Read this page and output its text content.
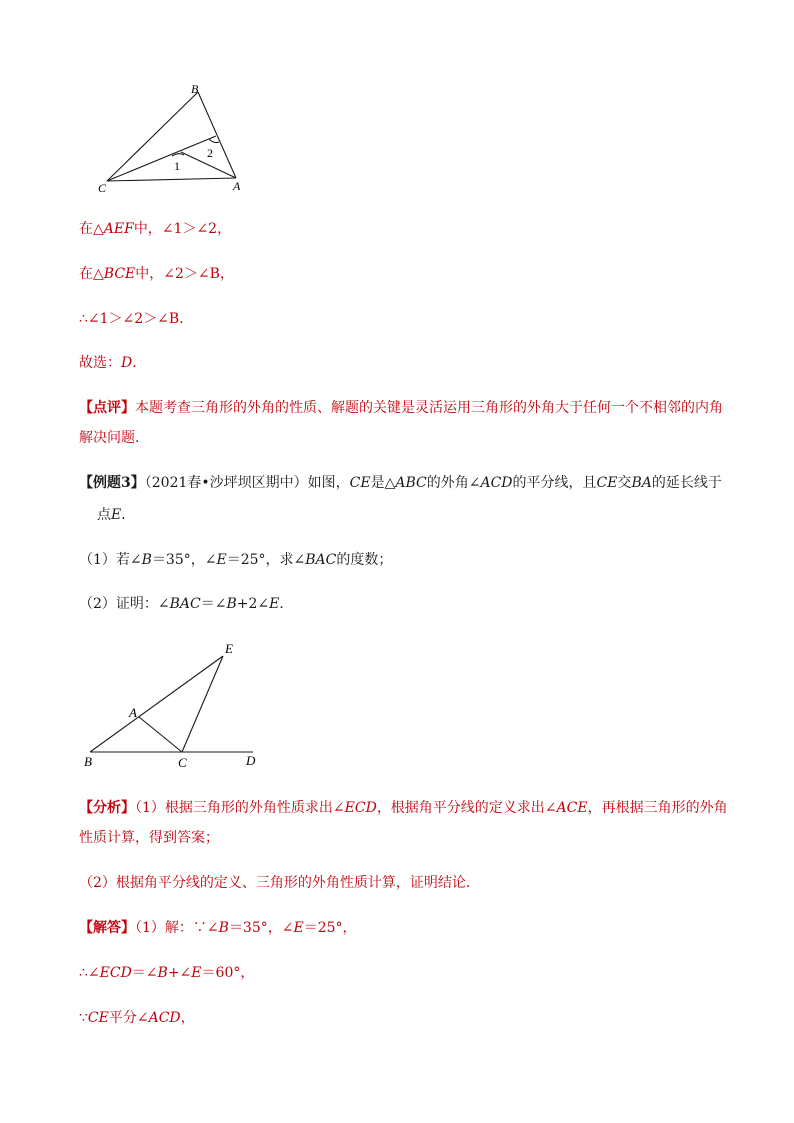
B
C	A
1
2
在△AEF中，∠1＞∠2，
在△BCE中，∠2＞∠B，
∴∠1＞∠2＞∠B．
故选：D．
【点评】本题考查三角形的外角的性质、解题的关键是灵活运用三角形的外角大于任何一个不相邻的内角
解决问题．
【例题3】（2021春•沙坪坝区期中）如图，CE是△ABC的外角∠ACD的平分线，且CE交BA的延长线于
点E．
（1）若∠B＝35°，∠E＝25°，求∠BAC的度数；
（2）证明：∠BAC＝∠B+2∠E．
E
A
B	C	D
【分析】（1）根据三角形的外角性质求出∠ECD，根据角平分线的定义求出∠ACE，再根据三角形的外角
性质计算，得到答案；
（2）根据角平分线的定义、三角形的外角性质计算，证明结论．
【解答】（1）解：∵∠B＝35°，∠E＝25°，
∴∠ECD＝∠B+∠E＝60°，
∵CE平分∠ACD，
